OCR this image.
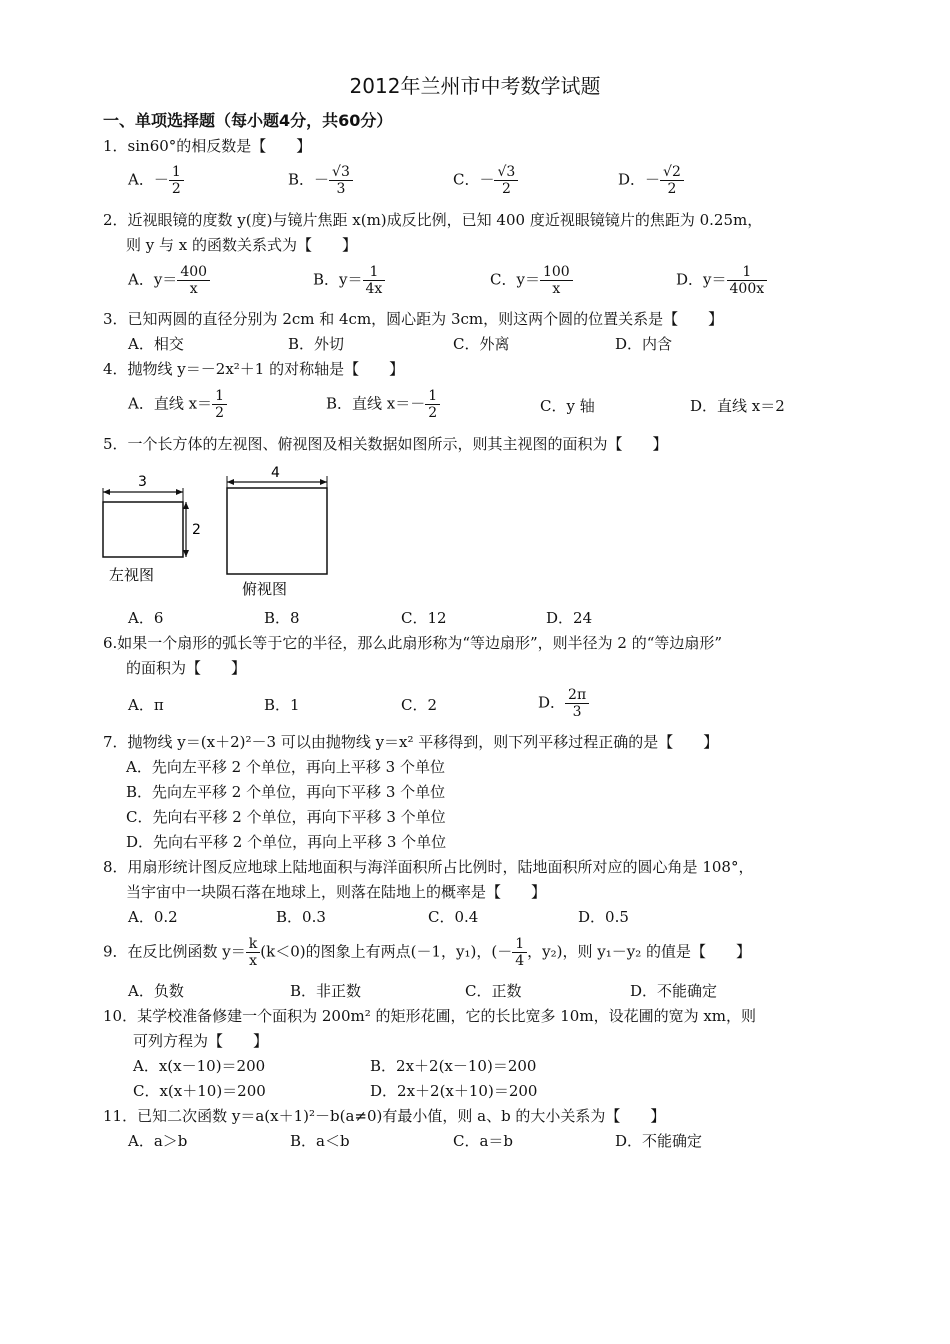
2012年兰州市中考数学试题
一、单项选择题（每小题4分，共60分）
1．sin60°的相反数是【　　】
A．－ $\frac{1}{2}$	B．－ $\frac{√3}{3}$	C．－ $\frac{√3}{2}$	D．－ $\frac{√2}{2}$
2．近视眼镜的度数 y(度)与镜片焦距 x(m)成反比例，已知 400 度近视眼镜镜片的焦距为 0.25m，
则 y 与 x 的函数关系式为【　　】
A．$y= \frac{400}{x}$	B．$y= \frac{1}{4x}$	C．$y= \frac{100}{x}$	D．$y= \frac{1}{400x}$
3．已知两圆的直径分别为 2cm 和 4cm，圆心距为 3cm，则这两个圆的位置关系是【　　】
A．相交	B．外切	C．外离	D．内含
4．抛物线 y＝－2x²＋1 的对称轴是【　　】
A．直线 $x= \frac{1}{2}$	B．直线 $x=- \frac{1}{2}$	C．y 轴	D．直线 x＝2
5．一个长方体的左视图、俯视图及相关数据如图所示，则其主视图的面积为【　　】
3
2
左视图
4
俯视图
A．6	B．8	C．12	D．24
6.如果一个扇形的弧长等于它的半径，那么此扇形称为“等边扇形”，则半径为 2 的“等边扇形”
的面积为【　　】
A．π	B．1	C．2	D． $\frac{2\pi}{3}$
7．抛物线 y＝(x＋2)²－3 可以由抛物线 y＝x² 平移得到，则下列平移过程正确的是【　　】
A．先向左平移 2 个单位，再向上平移 3 个单位
B．先向左平移 2 个单位，再向下平移 3 个单位
C．先向右平移 2 个单位，再向下平移 3 个单位
D．先向右平移 2 个单位，再向上平移 3 个单位
8．用扇形统计图反应地球上陆地面积与海洋面积所占比例时，陆地面积所对应的圆心角是 108°，
当宇宙中一块陨石落在地球上，则落在陆地上的概率是【　　】
A．0.2	B．0.3	C．0.4	D．0.5
9．在反比例函数 $y= \frac{k}{x} (k<0)$的图象上有两点(－1，y₁)，(－ $\frac{1}{4}$ ，y₂)，则 y₁－y₂ 的值是【　　】
A．负数	B．非正数	C．正数	D．不能确定
10．某学校准备修建一个面积为 200m² 的矩形花圃，它的长比宽多 10m，设花圃的宽为 xm，则
可列方程为【　　】
A．x(x－10)＝200	B．2x＋2(x－10)＝200
C．x(x＋10)＝200	D．2x＋2(x＋10)＝200
11．已知二次函数 y＝a(x＋1)²－b(a≠0)有最小值，则 a、b 的大小关系为【　　】
A．a＞b	B．a＜b	C．a＝b	D．不能确定
